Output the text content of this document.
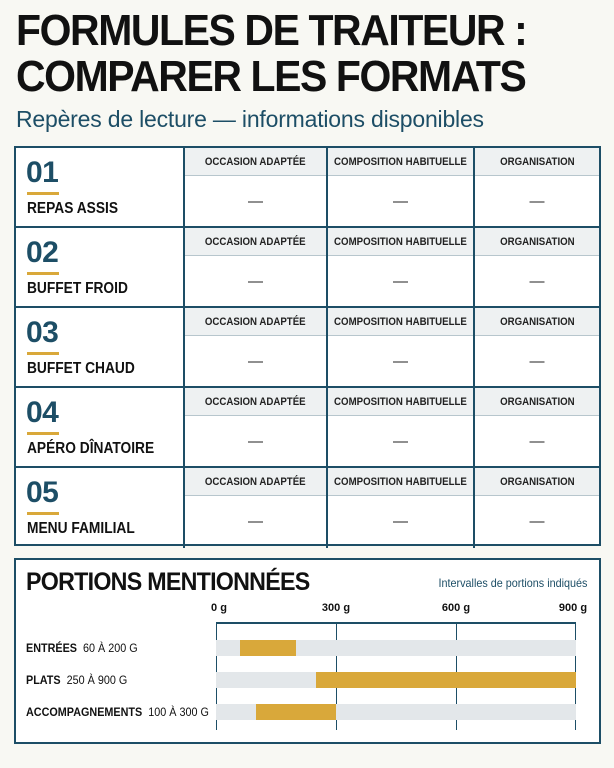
FORMULES DE TRAITEUR :
COMPARER LES FORMATS
Repères de lecture — informations disponibles
01
REPAS ASSIS
OCCASION ADAPTÉE
—
COMPOSITION HABITUELLE
—
ORGANISATION
—
02
BUFFET FROID
OCCASION ADAPTÉE
—
COMPOSITION HABITUELLE
—
ORGANISATION
—
03
BUFFET CHAUD
OCCASION ADAPTÉE
—
COMPOSITION HABITUELLE
—
ORGANISATION
—
04
APÉRO DÎNATOIRE
OCCASION ADAPTÉE
—
COMPOSITION HABITUELLE
—
ORGANISATION
—
05
MENU FAMILIAL
OCCASION ADAPTÉE
—
COMPOSITION HABITUELLE
—
ORGANISATION
—
PORTIONS MENTIONNÉES	Intervalles de portions indiqués
0 g	300 g	600 g	900 g
ENTRÉES 60 À 200 G
PLATS 250 À 900 G
ACCOMPAGNEMENTS 100 À 300 G
